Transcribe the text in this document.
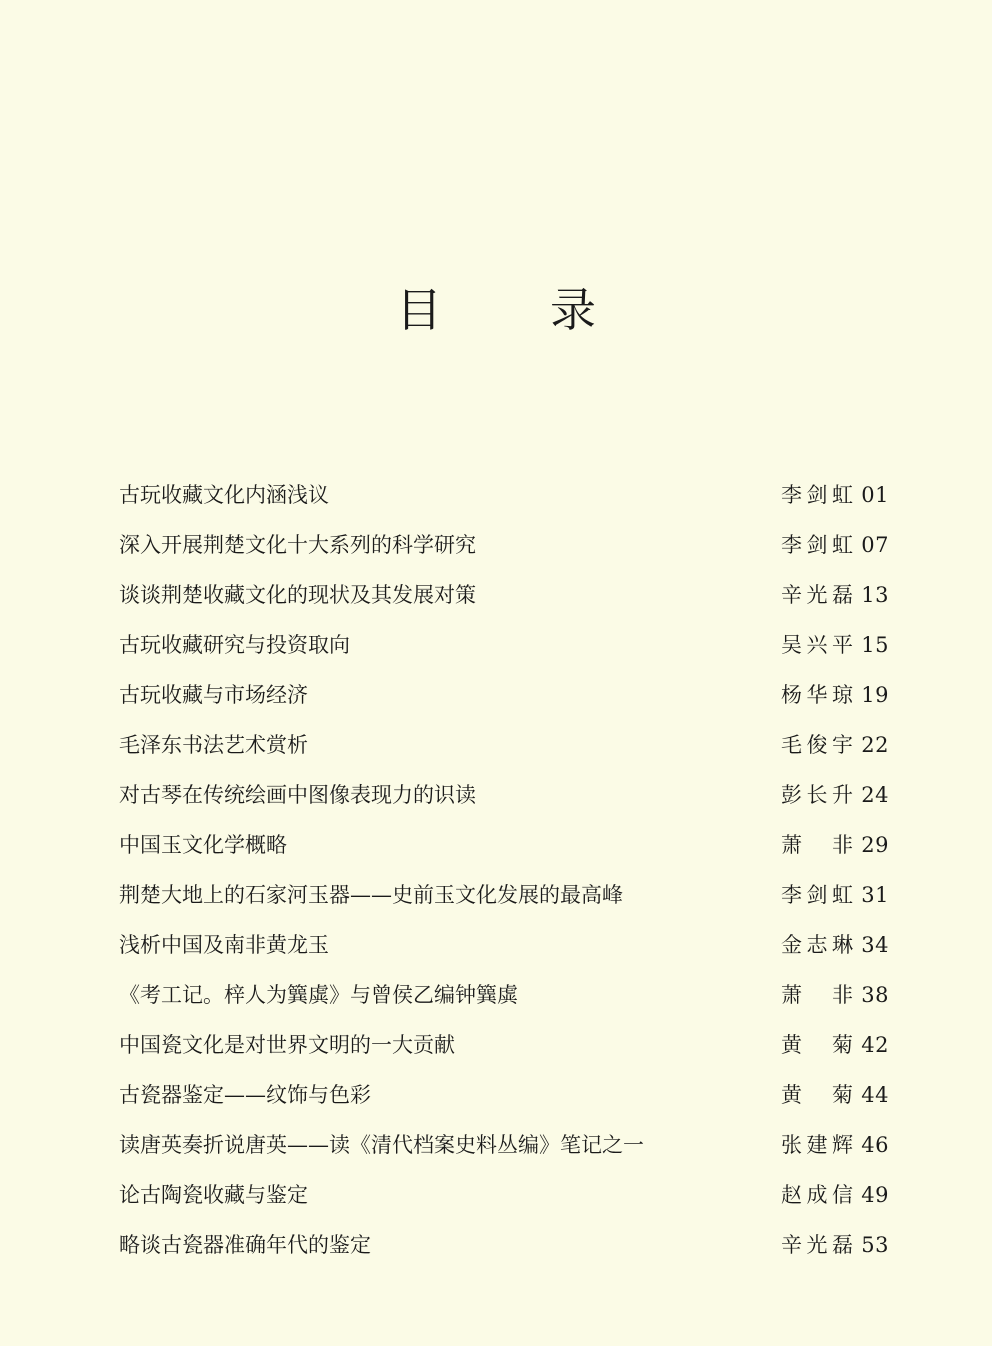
目 录
古玩收藏文化内涵浅议	李剑虹 01
深入开展荆楚文化十大系列的科学研究	李剑虹 07
谈谈荆楚收藏文化的现状及其发展对策	辛光磊 13
古玩收藏研究与投资取向	吴兴平 15
古玩收藏与市场经济	杨华琼 19
毛泽东书法艺术赏析	毛俊宇 22
对古琴在传统绘画中图像表现力的识读	彭长升 24
中国玉文化学概略	萧 非 29
荆楚大地上的石家河玉器——史前玉文化发展的最高峰	李剑虹 31
浅析中国及南非黄龙玉	金志琳 34
《考工记。梓人为簨虡》与曾侯乙编钟簨虡	萧 非 38
中国瓷文化是对世界文明的一大贡献	黄 菊 42
古瓷器鉴定——纹饰与色彩	黄 菊 44
读唐英奏折说唐英——读《清代档案史料丛编》笔记之一	张建辉 46
论古陶瓷收藏与鉴定	赵成信 49
略谈古瓷器准确年代的鉴定	辛光磊 53
